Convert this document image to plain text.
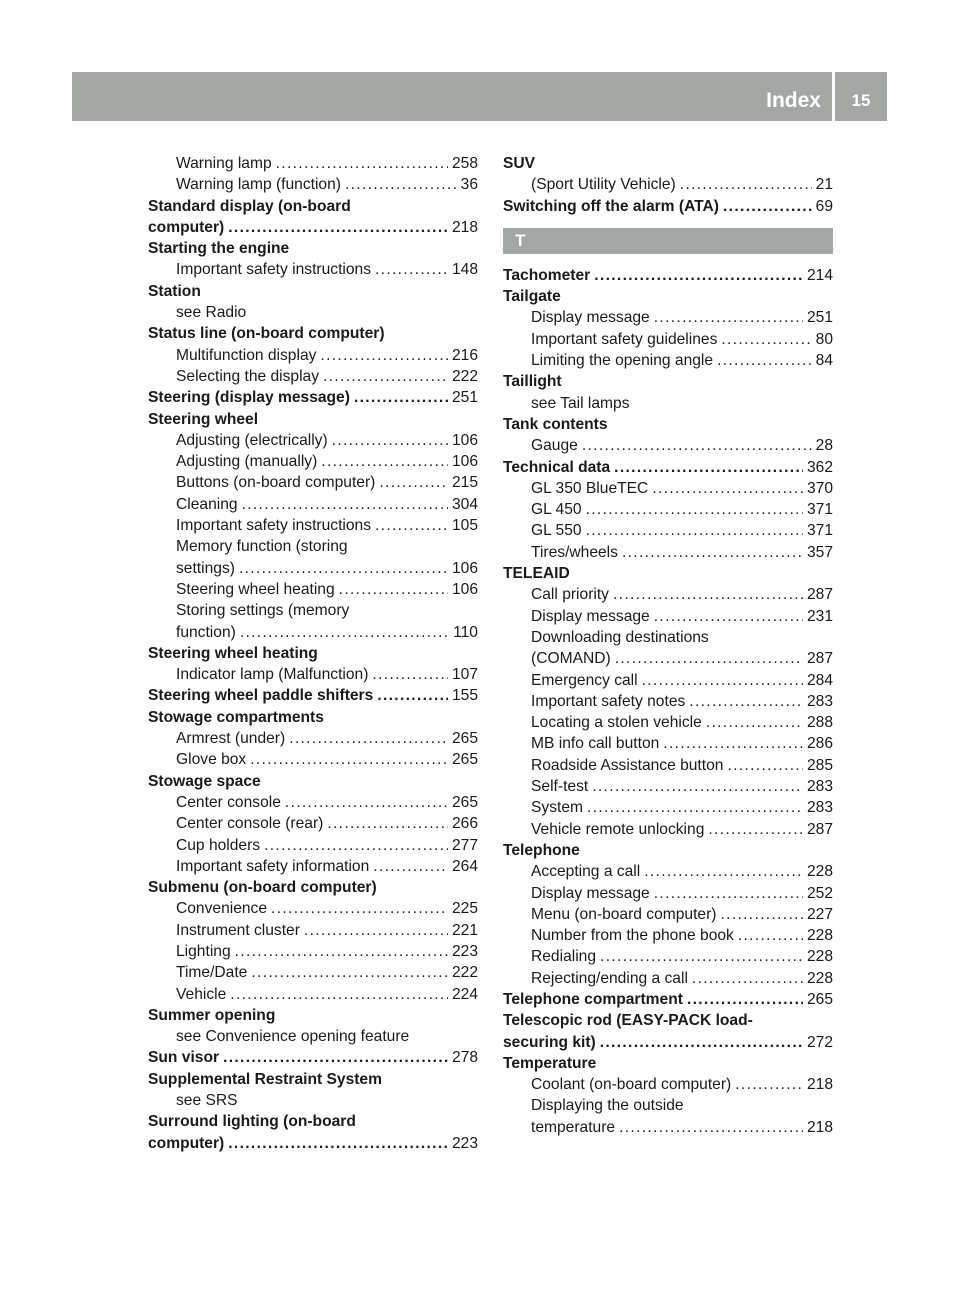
Index	15
Warning lamp . . .	258
Warning lamp (function) . . .	36
Standard display (on-board
computer) . . .	218
Starting the engine
Important safety instructions . . .	148
Station
see Radio
Status line (on-board computer)
Multifunction display . . .	216
Selecting the display . . .	222
Steering (display message) . . .	251
Steering wheel
Adjusting (electrically) . . .	106
Adjusting (manually) . . .	106
Buttons (on-board computer) . . .	215
Cleaning . . .	304
Important safety instructions . . .	105
Memory function (storing
settings) . . .	106
Steering wheel heating . . .	106
Storing settings (memory
function) . . .	110
Steering wheel heating
Indicator lamp (Malfunction) . . .	107
Steering wheel paddle shifters . . .	155
Stowage compartments
Armrest (under) . . .	265
Glove box . . .	265
Stowage space
Center console . . .	265
Center console (rear) . . .	266
Cup holders . . .	277
Important safety information . . .	264
Submenu (on-board computer)
Convenience . . .	225
Instrument cluster . . .	221
Lighting . . .	223
Time/Date . . .	222
Vehicle . . .	224
Summer opening
see Convenience opening feature
Sun visor . . .	278
Supplemental Restraint System
see SRS
Surround lighting (on-board
computer) . . .	223
SUV
(Sport Utility Vehicle) . . .	21
Switching off the alarm (ATA) . . .	69
T
Tachometer . . .	214
Tailgate
Display message . . .	251
Important safety guidelines . . .	80
Limiting the opening angle . . .	84
Taillight
see Tail lamps
Tank contents
Gauge . . .	28
Technical data . . .	362
GL 350 BlueTEC . . .	370
GL 450 . . .	371
GL 550 . . .	371
Tires/wheels . . .	357
TELEAID
Call priority . . .	287
Display message . . .	231
Downloading destinations
(COMAND) . . .	287
Emergency call . . .	284
Important safety notes . . .	283
Locating a stolen vehicle . . .	288
MB info call button . . .	286
Roadside Assistance button . . .	285
Self-test . . .	283
System . . .	283
Vehicle remote unlocking . . .	287
Telephone
Accepting a call . . .	228
Display message . . .	252
Menu (on-board computer) . . .	227
Number from the phone book . . .	228
Redialing . . .	228
Rejecting/ending a call . . .	228
Telephone compartment . . .	265
Telescopic rod (EASY-PACK load-
securing kit) . . .	272
Temperature
Coolant (on-board computer) . . .	218
Displaying the outside
temperature . . .	218
